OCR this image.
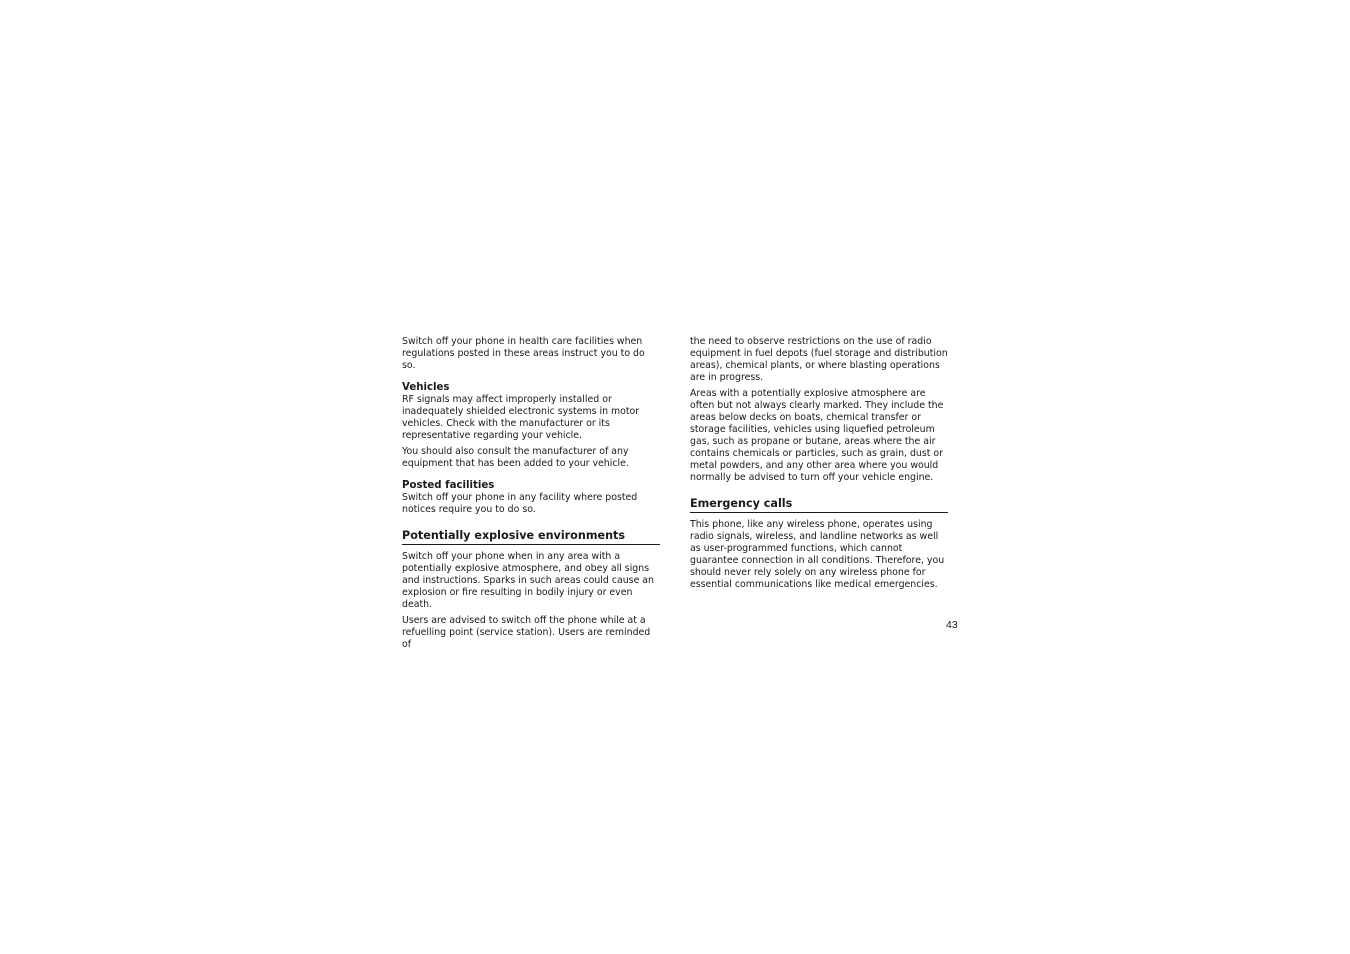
Switch off your phone in health care facilities when regulations posted in these areas instruct you to do so.

Vehicles

RF signals may affect improperly installed or inadequately shielded electronic systems in motor vehicles. Check with the manufacturer or its representative regarding your vehicle.

You should also consult the manufacturer of any equipment that has been added to your vehicle.

Posted facilities

Switch off your phone in any facility where posted notices require you to do so.

Potentially explosive environments

Switch off your phone when in any area with a potentially explosive atmosphere, and obey all signs and instructions. Sparks in such areas could cause an explosion or fire resulting in bodily injury or even death.

Users are advised to switch off the phone while at a refuelling point (service station). Users are reminded of

the need to observe restrictions on the use of radio equipment in fuel depots (fuel storage and distribution areas), chemical plants, or where blasting operations are in progress.

Areas with a potentially explosive atmosphere are often but not always clearly marked. They include the areas below decks on boats, chemical transfer or storage facilities, vehicles using liquefied petroleum gas, such as propane or butane, areas where the air contains chemicals or particles, such as grain, dust or metal powders, and any other area where you would normally be advised to turn off your vehicle engine.

Emergency calls

This phone, like any wireless phone, operates using radio signals, wireless, and landline networks as well as user-programmed functions, which cannot guarantee connection in all conditions. Therefore, you should never rely solely on any wireless phone for essential communications like medical emergencies.

43
